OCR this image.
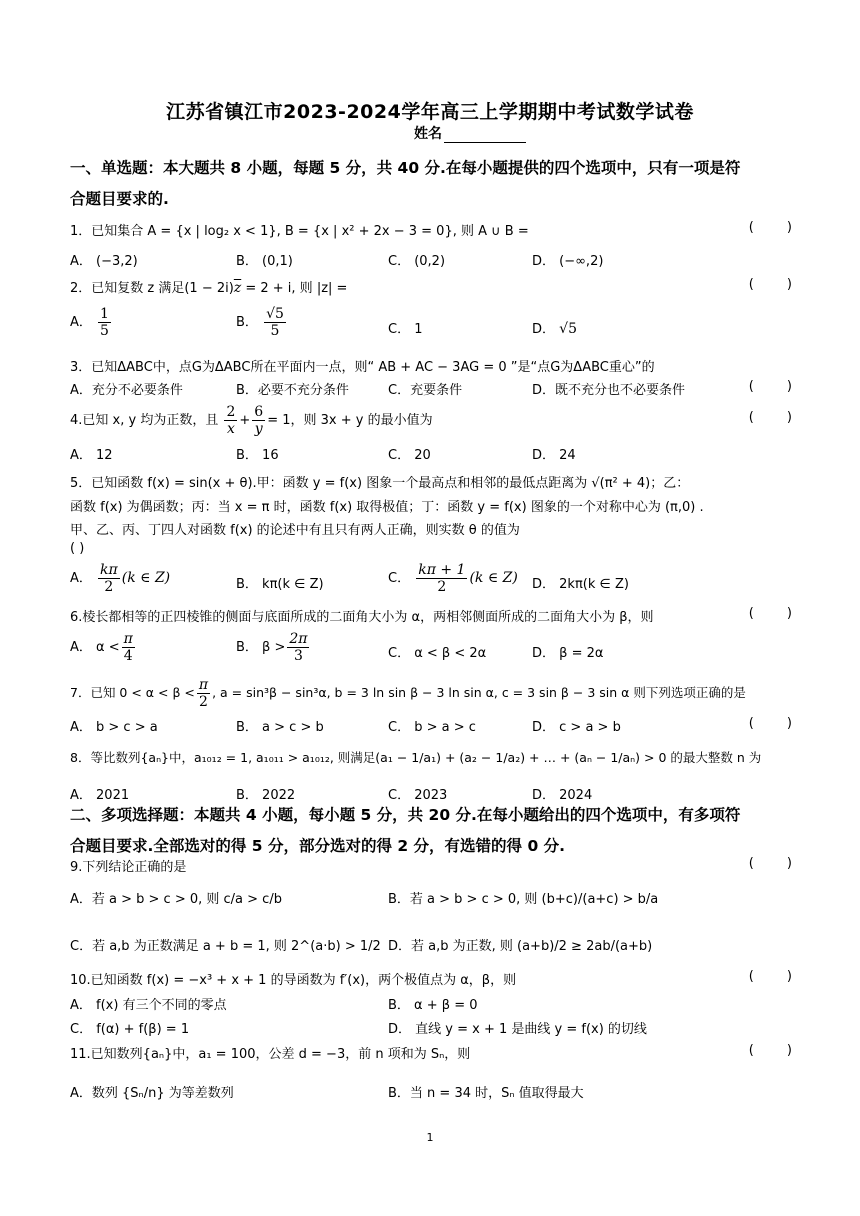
江苏省镇江市2023-2024学年高三上学期期中考试数学试卷
姓名
一、单选题：本大题共 8 小题，每题 5 分，共 40 分.在每小题提供的四个选项中，只有一项是符
合题目要求的.
1．已知集合 A = {x | log₂ x < 1}, B = {x | x² + 2x − 3 = 0}, 则 A ∪ B =	(        )
A． (−3,2)	B． (0,1)	C． (0,2)	D． (−∞,2)
2．已知复数 z 满足$(1 - 2i)\overline{z} = 2 + i$, 则 |z| =	(        )
A． $\frac{1}{5}$	B． $\frac{√5}{5}$	C． 1	D． √5
3．已知ΔABC中，点G为ΔABC所在平面内一点，则“ AB + AC − 3AG = 0 ”是“点G为ΔABC重心”的
A．充分不必要条件	B．必要不充分条件	C．充要条件	D．既不充分也不必要条件	(        )
4.已知 x, y 均为正数，且 $\frac{2}{x} + \frac{6}{y} = 1$，则 3x + y 的最小值为	(        )
A． 12	B． 16	C． 20	D． 24
5．已知函数 f(x) = sin(x + θ).甲：函数 y = f(x) 图象一个最高点和相邻的最低点距离为 √(π² + 4)；乙：
函数 f(x) 为偶函数；丙：当 x = π 时，函数 f(x) 取得极值；丁：函数 y = f(x) 图象的一个对称中心为 (π,0) .
甲、乙、丙、丁四人对函数 f(x) 的论述中有且只有两人正确，则实数 θ 的值为
( )
A． $\frac{k\pi}{2} (k$ ∈ Z)	B． kπ(k ∈ Z)	C． $\frac{k\pi + 1}{2} (k$ ∈ Z) D． 2kπ(k ∈ Z)
6.棱长都相等的正四棱锥的侧面与底面所成的二面角大小为 α，两相邻侧面所成的二面角大小为 β，则	(        )
A． $\alpha < \frac{\pi}{4}$	B． $\beta > \frac{2\pi}{3}$	C． α < β < 2α	D． β = 2α
7．已知 $0 < \alpha < \beta < \frac{\pi}{2}$ , a = sin³β − sin³α, b = 3 ln sin β − 3 ln sin α, c = 3 sin β − 3 sin α 则下列选项正确的是
A． b > c > a	B． a > c > b	C． b > a > c	D． c > a > b	(        )
8．等比数列{aₙ}中，a₁₀₁₂ = 1, a₁₀₁₁ > a₁₀₁₂, 则满足(a₁ − 1/a₁) + (a₂ − 1/a₂) + … + (aₙ − 1/aₙ) > 0 的最大整数 n 为
A． 2021	B． 2022	C． 2023	D． 2024
二、多项选择题：本题共 4 小题，每小题 5 分，共 20 分.在每小题给出的四个选项中，有多项符
合题目要求.全部选对的得 5 分，部分选对的得 2 分，有选错的得 0 分.
9.下列结论正确的是	(        )
A．若 a > b > c > 0, 则 c/a > c/b	B．若 a > b > c > 0, 则 (b+c)/(a+c) > b/a
C．若 a,b 为正数满足 a + b = 1, 则 2^(a·b) > 1/2 D．若 a,b 为正数, 则 (a+b)/2 ≥ 2ab/(a+b)
10.已知函数 f(x) = −x³ + x + 1 的导函数为 f′(x)，两个极值点为 α，β，则	(        )
A． f(x) 有三个不同的零点	B． α + β = 0
C． f(α) + f(β) = 1	D． 直线 y = x + 1 是曲线 y = f(x) 的切线
11.已知数列{aₙ}中，a₁ = 100，公差 d = −3，前 n 项和为 Sₙ，则	(        )
A．数列 {Sₙ/n} 为等差数列	B．当 n = 34 时，Sₙ 值取得最大
1
